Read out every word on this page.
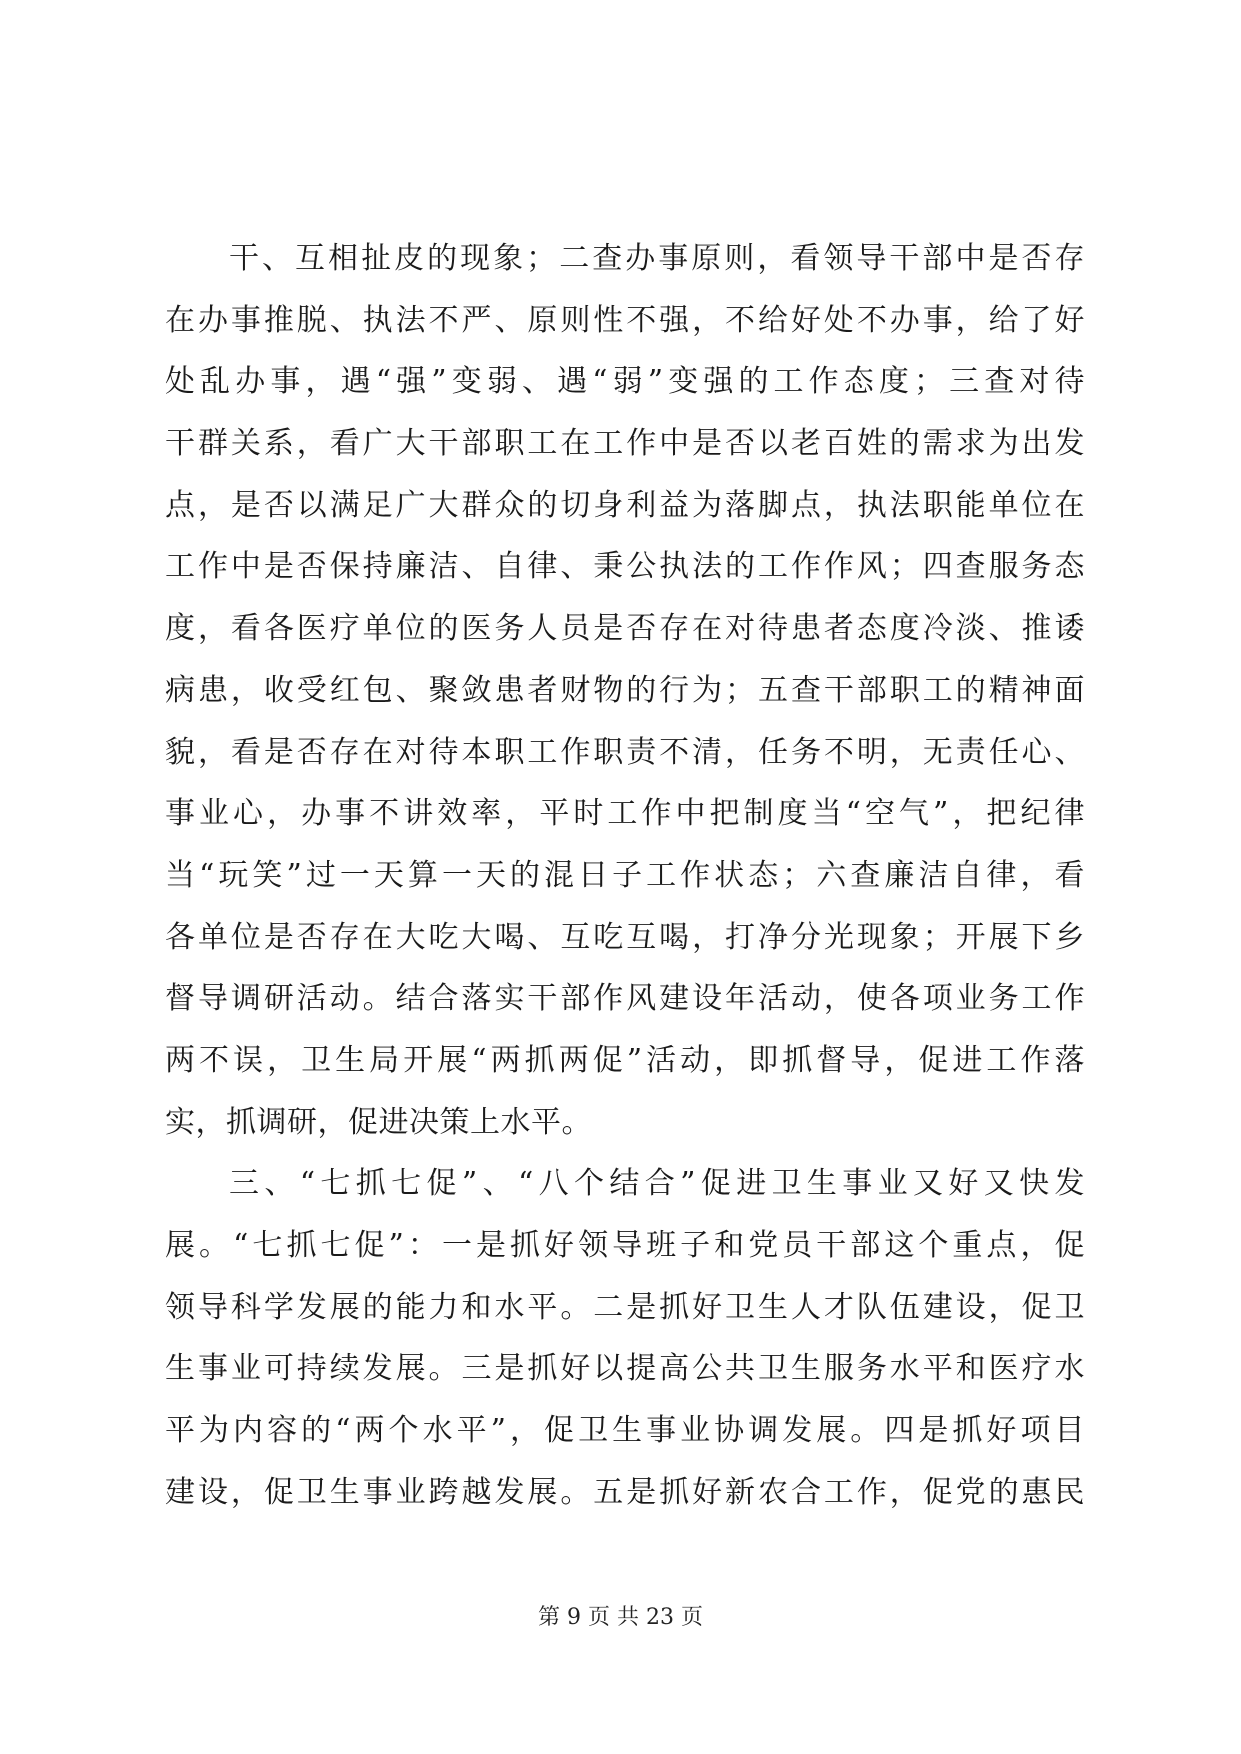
干、互相扯皮的现象；二查办事原则，看领导干部中是否存
在办事推脱、执法不严、原则性不强，不给好处不办事，给了好
处乱办事，遇“强”变弱、遇“弱”变强的工作态度；三查对待
干群关系，看广大干部职工在工作中是否以老百姓的需求为出发
点，是否以满足广大群众的切身利益为落脚点，执法职能单位在
工作中是否保持廉洁、自律、秉公执法的工作作风；四查服务态
度，看各医疗单位的医务人员是否存在对待患者态度冷淡、推诿
病患，收受红包、聚敛患者财物的行为；五查干部职工的精神面
貌，看是否存在对待本职工作职责不清，任务不明，无责任心、
事业心，办事不讲效率，平时工作中把制度当“空气”，把纪律
当“玩笑”过一天算一天的混日子工作状态；六查廉洁自律，看
各单位是否存在大吃大喝、互吃互喝，打净分光现象；开展下乡
督导调研活动。结合落实干部作风建设年活动，使各项业务工作
两不误，卫生局开展“两抓两促”活动，即抓督导，促进工作落
实，抓调研，促进决策上水平。
三、“七抓七促”、“八个结合”促进卫生事业又好又快发
展。“七抓七促”：一是抓好领导班子和党员干部这个重点，促
领导科学发展的能力和水平。二是抓好卫生人才队伍建设，促卫
生事业可持续发展。三是抓好以提高公共卫生服务水平和医疗水
平为内容的“两个水平”，促卫生事业协调发展。四是抓好项目
建设，促卫生事业跨越发展。五是抓好新农合工作，促党的惠民
第 9 页 共 23 页
